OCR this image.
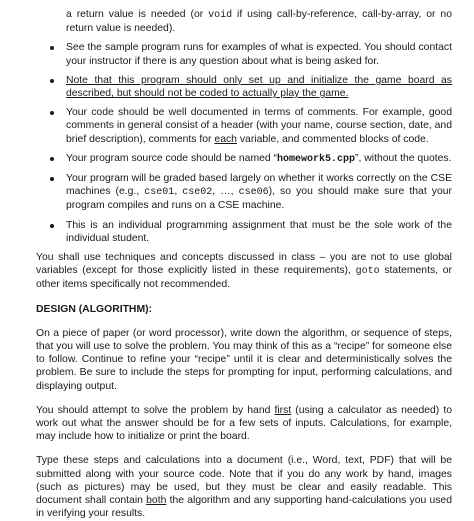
a return value is needed (or void if using call-by-reference, call-by-array, or no return value is needed).
See the sample program runs for examples of what is expected. You should contact your instructor if there is any question about what is being asked for.
Note that this program should only set up and initialize the game board as described, but should not be coded to actually play the game.
Your code should be well documented in terms of comments. For example, good comments in general consist of a header (with your name, course section, date, and brief description), comments for each variable, and commented blocks of code.
Your program source code should be named “homework5.cpp”, without the quotes.
Your program will be graded based largely on whether it works correctly on the CSE machines (e.g., cse01, cse02, …, cse06), so you should make sure that your program compiles and runs on a CSE machine.
This is an individual programming assignment that must be the sole work of the individual student.

You shall use techniques and concepts discussed in class – you are not to use global variables (except for those explicitly listed in these requirements), goto statements, or other items specifically not recommended.

DESIGN (ALGORITHM):

On a piece of paper (or word processor), write down the algorithm, or sequence of steps, that you will use to solve the problem. You may think of this as a “recipe” for someone else to follow. Continue to refine your “recipe” until it is clear and deterministically solves the problem. Be sure to include the steps for prompting for input, performing calculations, and displaying output.

You should attempt to solve the problem by hand first (using a calculator as needed) to work out what the answer should be for a few sets of inputs. Calculations, for example, may include how to initialize or print the board.

Type these steps and calculations into a document (i.e., Word, text, PDF) that will be submitted along with your source code. Note that if you do any work by hand, images (such as pictures) may be used, but they must be clear and easily readable. This document shall contain both the algorithm and any supporting hand-calculations you used in verifying your results.
